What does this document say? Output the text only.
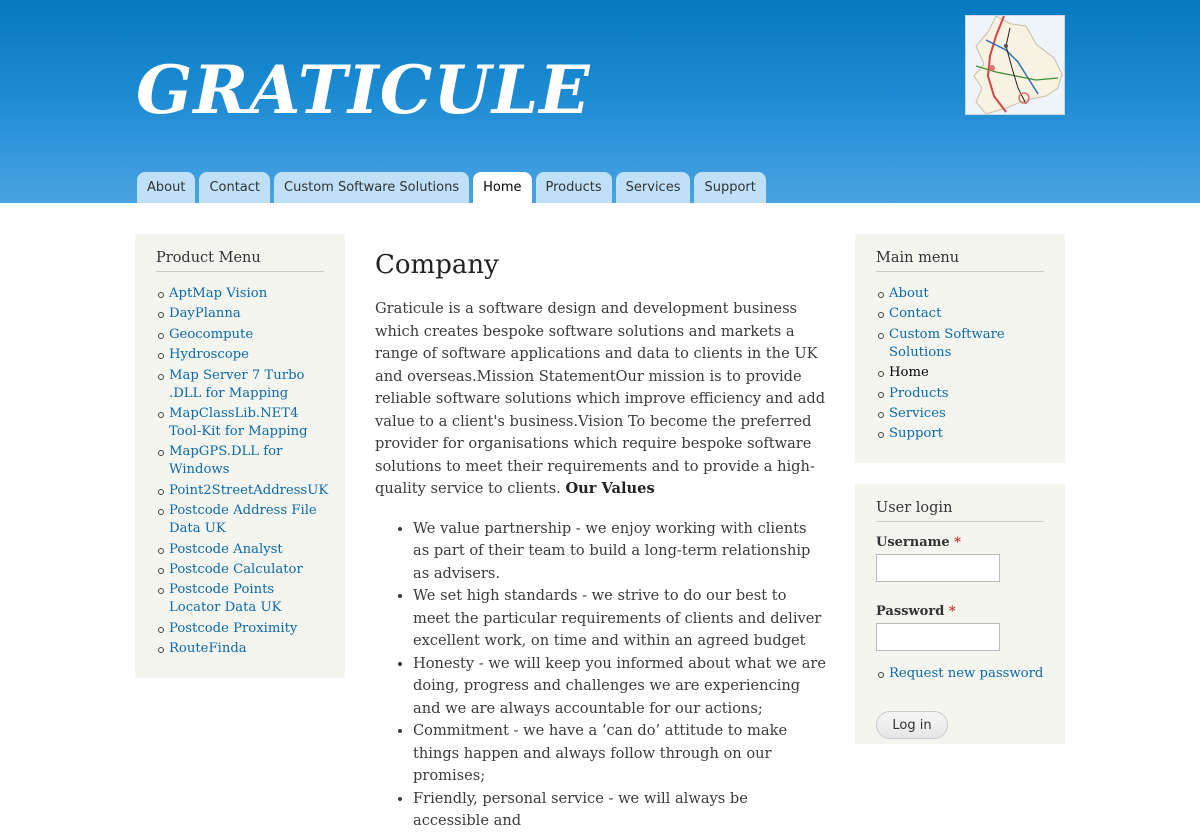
GRATICULE
About	Contact	Custom Software Solutions	Home	Products	Services	Support
Product Menu
AptMap Vision
DayPlanna
Geocompute
Hydroscope
Map Server 7 Turbo .DLL for Mapping
MapClassLib.NET4 Tool-Kit for Mapping
MapGPS.DLL for Windows
Point2StreetAddressUK
Postcode Address File Data UK
Postcode Analyst
Postcode Calculator
Postcode Points Locator Data UK
Postcode Proximity
RouteFinda
Company

Graticule is a software design and development business which creates bespoke software solutions and markets a range of software applications and data to clients in the UK and overseas.Mission StatementOur mission is to provide reliable software solutions which improve efficiency and add value to a client's business.Vision To become the preferred provider for organisations which require bespoke software solutions to meet their requirements and to provide a high-quality service to clients. Our Values

• We value partnership - we enjoy working with clients as part of their team to build a long-term relationship as advisers.
• We set high standards - we strive to do our best to meet the particular requirements of clients and deliver excellent work, on time and within an agreed budget
• Honesty - we will keep you informed about what we are doing, progress and challenges we are experiencing and we are always accountable for our actions;
• Commitment - we have a ‘can do’ attitude to make things happen and always follow through on our promises;
• Friendly, personal service - we will always be accessible and
Main menu
About
Contact
Custom Software Solutions
Home
Products
Services
Support
User login
Username *
Password *
Request new password
Log in
